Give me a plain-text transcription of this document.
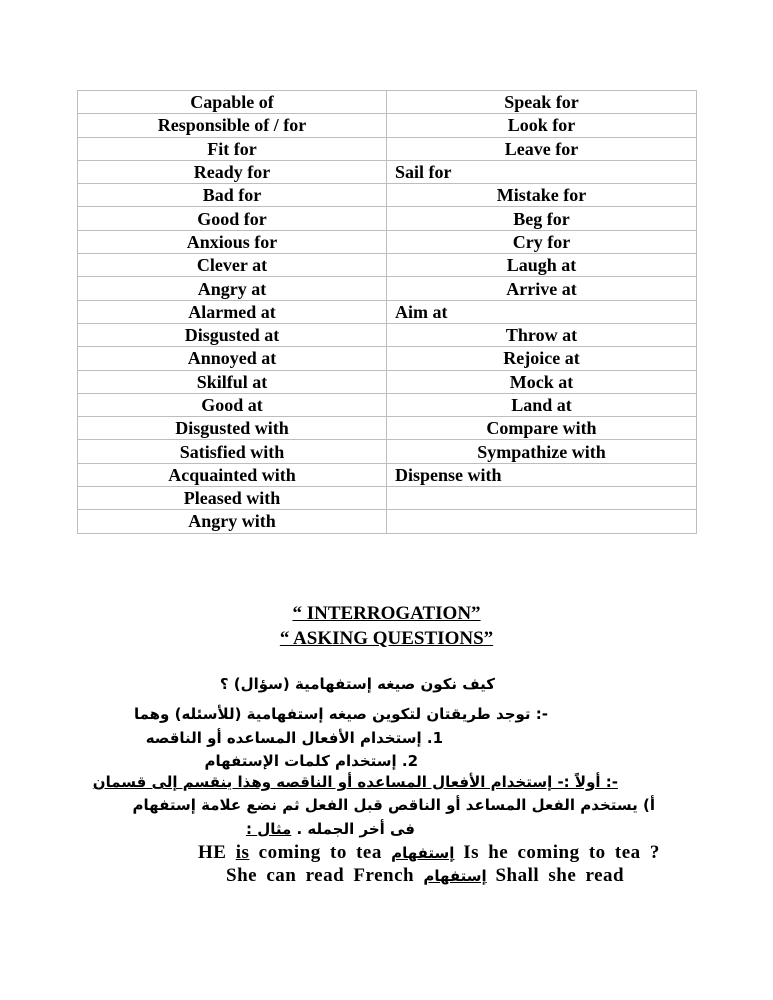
Capable of	Speak for
Responsible of / for	Look for
Fit for	Leave for
Ready for	Sail for
Bad for	Mistake for
Good for	Beg for
Anxious for	Cry for
Clever at	Laugh at
Angry at	Arrive at
Alarmed at	Aim at
Disgusted at	Throw at
Annoyed at	Rejoice at
Skilful at	Mock at
Good at	Land at
Disgusted with	Compare with
Satisfied with	Sympathize with
Acquainted with	Dispense with
Pleased with	
Angry with	
“ INTERROGATION”
“ ASKING QUESTIONS”
كيف نكون صيغه إستفهامية (سؤال) ؟
-: توجد طريقتان لتكوين صيغه إستفهامية (للأسئله) وهما
1. إستخدام الأفعال المساعده أو الناقصه
2. إستخدام كلمات الإستفهام
-: أولاً :- إستخدام الأفعال المساعده أو الناقصه وهذا ينقسم إلى قسمان
أ) يستخدم الفعل المساعد أو الناقص قبل الفعل ثم نضع علامة إستفهام
فى أخر الجمله . مثال :
HE is coming to tea إستفهام Is he coming to tea ?
She can read French إستفهام Shall she read
